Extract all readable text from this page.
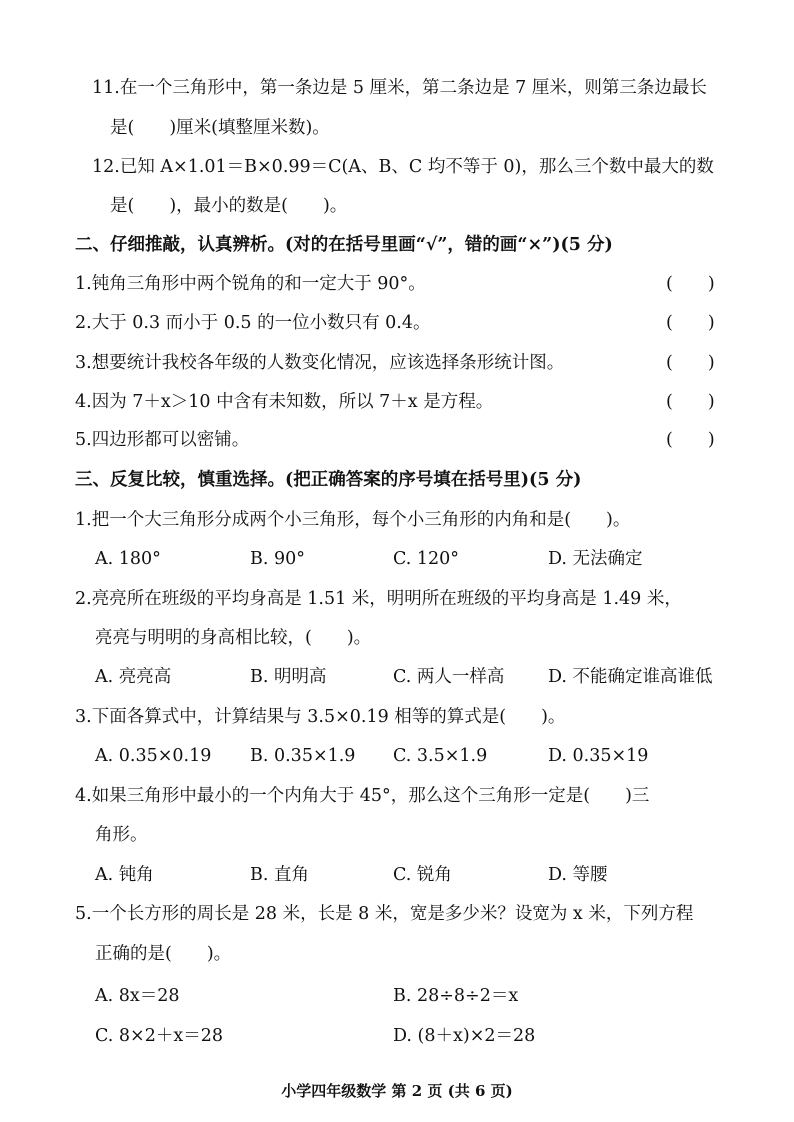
11.在一个三角形中，第一条边是 5 厘米，第二条边是 7 厘米，则第三条边最长
是(　　)厘米(填整厘米数)。
12.已知 A×1.01＝B×0.99＝C(A、B、C 均不等于 0)，那么三个数中最大的数
是(　　)，最小的数是(　　)。
二、仔细推敲，认真辨析。(对的在括号里画“√”，错的画“×”)(5 分)
1.钝角三角形中两个锐角的和一定大于 90°。	(　　)
2.大于 0.3 而小于 0.5 的一位小数只有 0.4。	(　　)
3.想要统计我校各年级的人数变化情况，应该选择条形统计图。	(　　)
4.因为 7＋x＞10 中含有未知数，所以 7＋x 是方程。	(　　)
5.四边形都可以密铺。	(　　)
三、反复比较，慎重选择。(把正确答案的序号填在括号里)(5 分)
1.把一个大三角形分成两个小三角形，每个小三角形的内角和是(　　)。
A. 180°	B. 90°	C. 120°	D. 无法确定
2.亮亮所在班级的平均身高是 1.51 米，明明所在班级的平均身高是 1.49 米，
亮亮与明明的身高相比较，(　　)。
A. 亮亮高	B. 明明高	C. 两人一样高 D. 不能确定谁高谁低
3.下面各算式中，计算结果与 3.5×0.19 相等的算式是(　　)。
A. 0.35×0.19 B. 0.35×1.9 C. 3.5×1.9	D. 0.35×19
4.如果三角形中最小的一个内角大于 45°，那么这个三角形一定是(　　)三
角形。
A. 钝角	B. 直角	C. 锐角	D. 等腰
5.一个长方形的周长是 28 米，长是 8 米，宽是多少米？设宽为 x 米，下列方程
正确的是(　　)。
A. 8x＝28	B. 28÷8÷2＝x
C. 8×2＋x＝28	D. (8＋x)×2＝28
小学四年级数学 第 2 页 (共 6 页)
